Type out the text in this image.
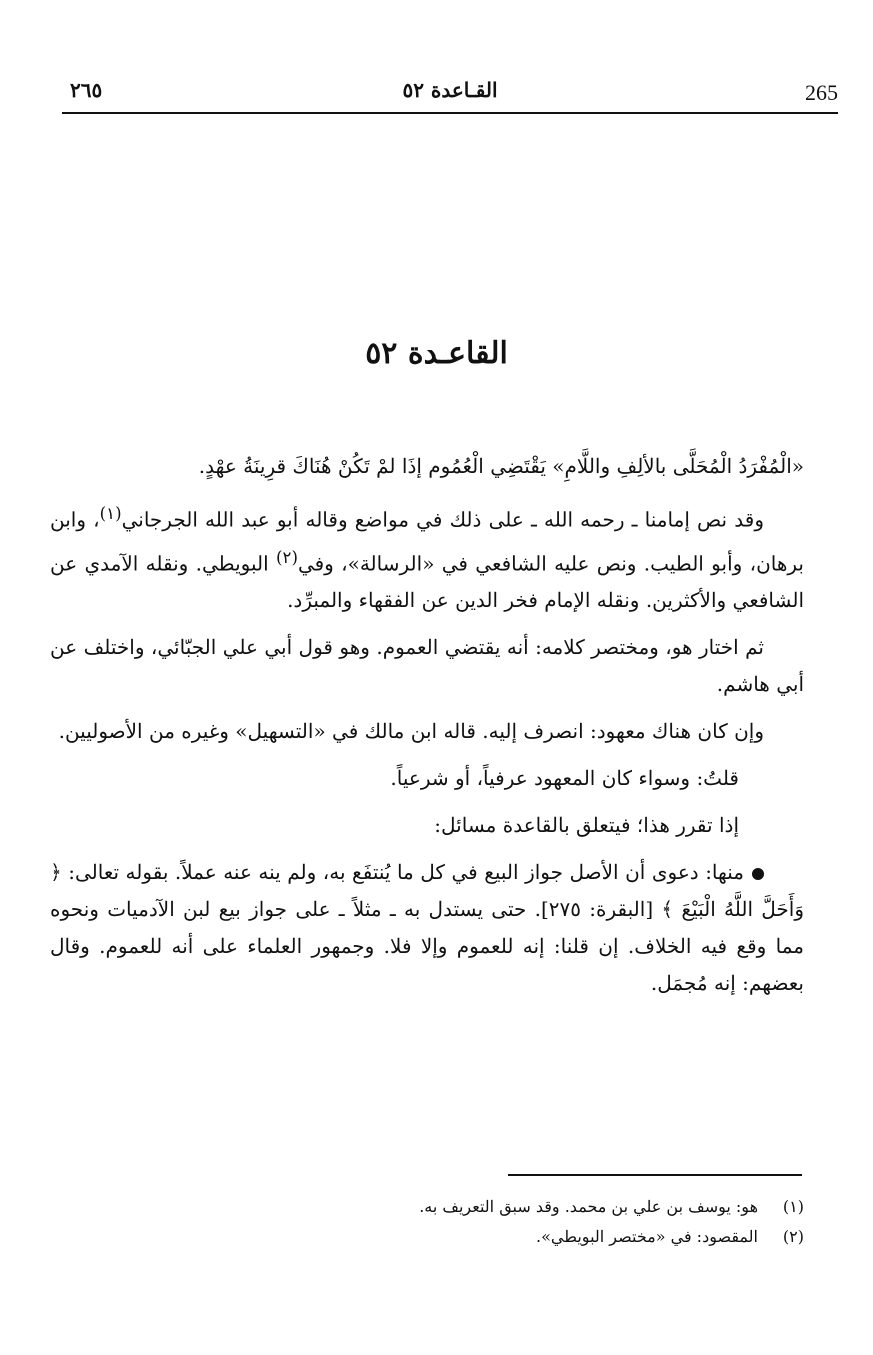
265
القـاعدة ٥٢
٢٦٥
القاعـدة ٥٢

«الْمُفْرَدُ الْمُحَلَّى بالألِفِ واللَّامِ» يَقْتَضِي الْعُمُوم إذَا لمْ تَكُنْ هُنَاكَ قرِينَةُ عهْدٍ.

وقد نص إمامنا ـ رحمه الله ـ على ذلك في مواضع وقاله أبو عبد الله الجرجاني$^{(١)}$، وابن برهان، وأبو الطيب. ونص عليه الشافعي في «الرسالة»، وفي$^{(٢)}$ البويطي. ونقله الآمدي عن الشافعي والأكثرين. ونقله الإمام فخر الدين عن الفقهاء والمبرِّد.

ثم اختار هو، ومختصر كلامه: أنه يقتضي العموم. وهو قول أبي علي الجبّائي، واختلف عن أبي هاشم.

وإن كان هناك معهود: انصرف إليه. قاله ابن مالك في «التسهيل» وغيره من الأصوليين.

قلتُ: وسواء كان المعهود عرفياً، أو شرعياً.

إذا تقرر هذا؛ فيتعلق بالقاعدة مسائل:

منها: دعوى أن الأصل جواز البيع في كل ما يُنتفَع به، ولم ينه عنه عملاً. بقوله تعالى: ﴿ وَأَحَلَّ اللَّهُ الْبَيْعَ ﴾ [البقرة: ٢٧٥]. حتى يستدل به ـ مثلاً ـ على جواز بيع لبن الآدميات ونحوه مما وقع فيه الخلاف. إن قلنا: إنه للعموم وإلا فلا. وجمهور العلماء على أنه للعموم. وقال بعضهم: إنه مُجمَل.

(١)هو: يوسف بن علي بن محمد. وقد سبق التعريف به.
(٢)المقصود: في «مختصر البويطي».
